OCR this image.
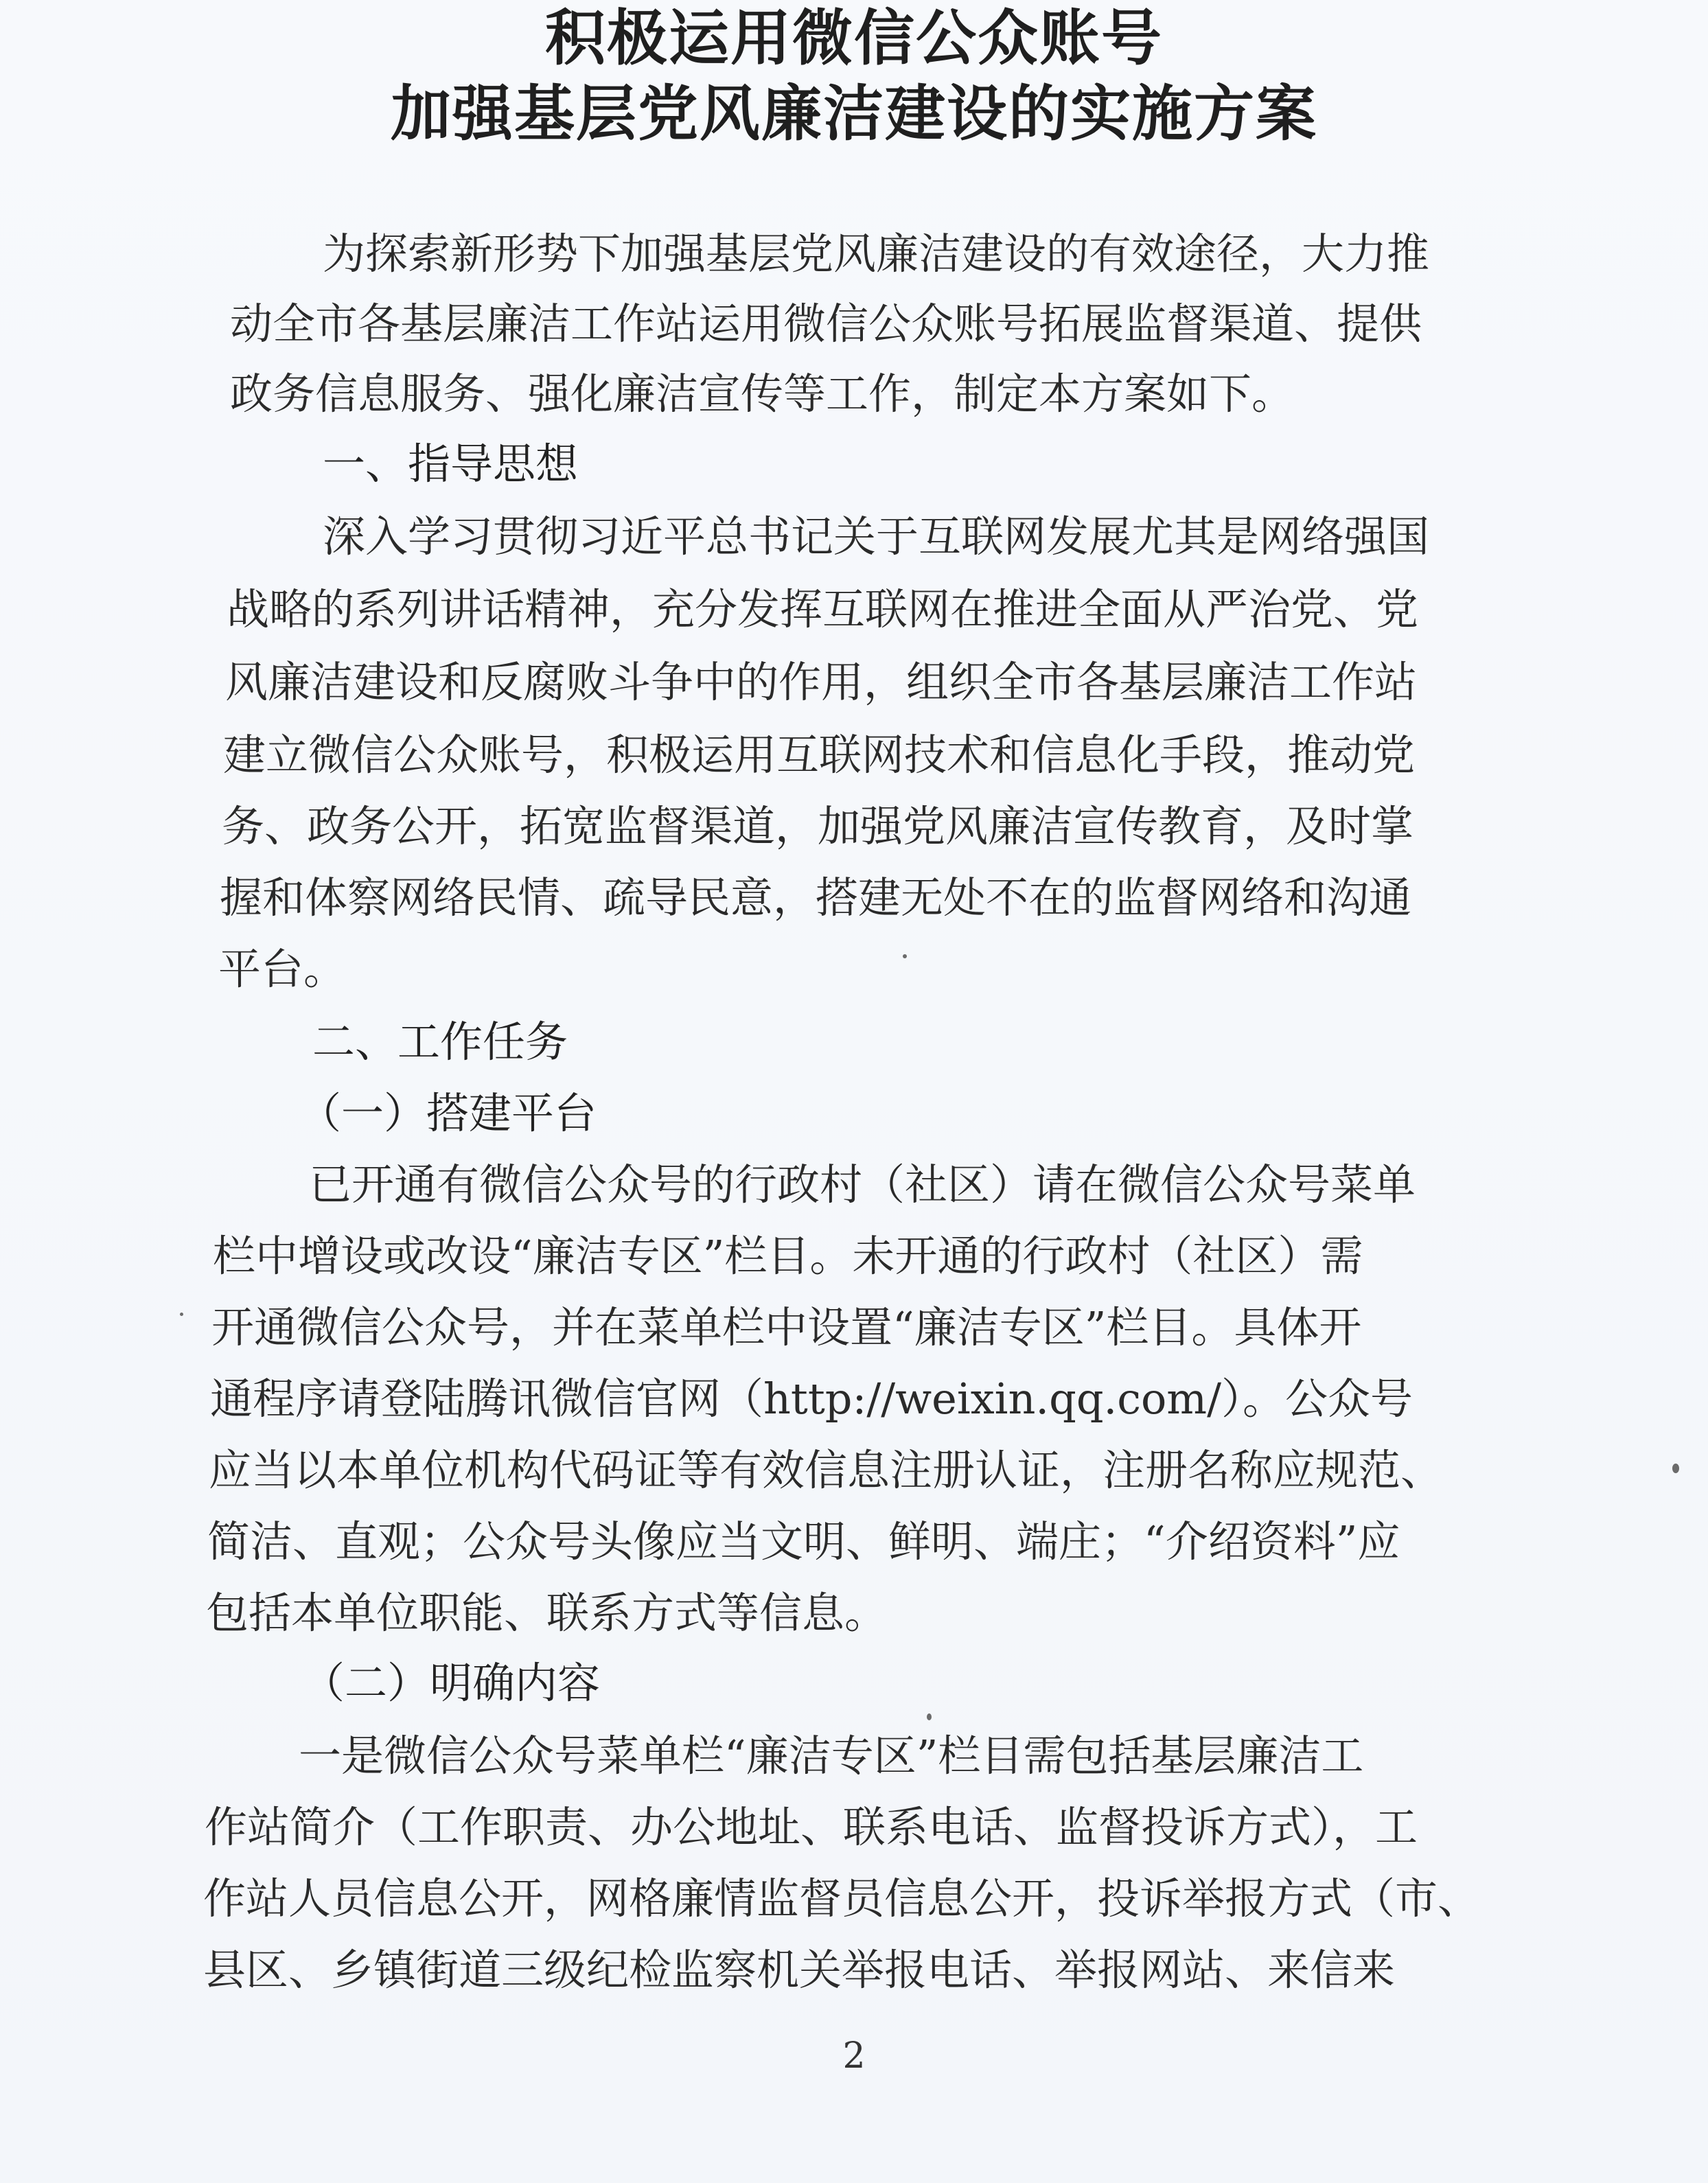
积极运用微信公众账号
加强基层党风廉洁建设的实施方案
为探索新形势下加强基层党风廉洁建设的有效途径，大力推
动全市各基层廉洁工作站运用微信公众账号拓展监督渠道、提供
政务信息服务、强化廉洁宣传等工作，制定本方案如下。
一、指导思想
深入学习贯彻习近平总书记关于互联网发展尤其是网络强国
战略的系列讲话精神，充分发挥互联网在推进全面从严治党、党
风廉洁建设和反腐败斗争中的作用，组织全市各基层廉洁工作站
建立微信公众账号，积极运用互联网技术和信息化手段，推动党
务、政务公开，拓宽监督渠道，加强党风廉洁宣传教育，及时掌
握和体察网络民情、疏导民意，搭建无处不在的监督网络和沟通
平台。
二、工作任务
（一）搭建平台
已开通有微信公众号的行政村（社区）请在微信公众号菜单
栏中增设或改设“廉洁专区”栏目。未开通的行政村（社区）需
开通微信公众号，并在菜单栏中设置“廉洁专区”栏目。具体开
通程序请登陆腾讯微信官网（http://weixin.qq.com/）。公众号
应当以本单位机构代码证等有效信息注册认证，注册名称应规范、
简洁、直观；公众号头像应当文明、鲜明、端庄；“介绍资料”应
包括本单位职能、联系方式等信息。
（二）明确内容
一是微信公众号菜单栏“廉洁专区”栏目需包括基层廉洁工
作站简介（工作职责、办公地址、联系电话、监督投诉方式），工
作站人员信息公开，网格廉情监督员信息公开，投诉举报方式（市、
县区、乡镇街道三级纪检监察机关举报电话、举报网站、来信来
2
